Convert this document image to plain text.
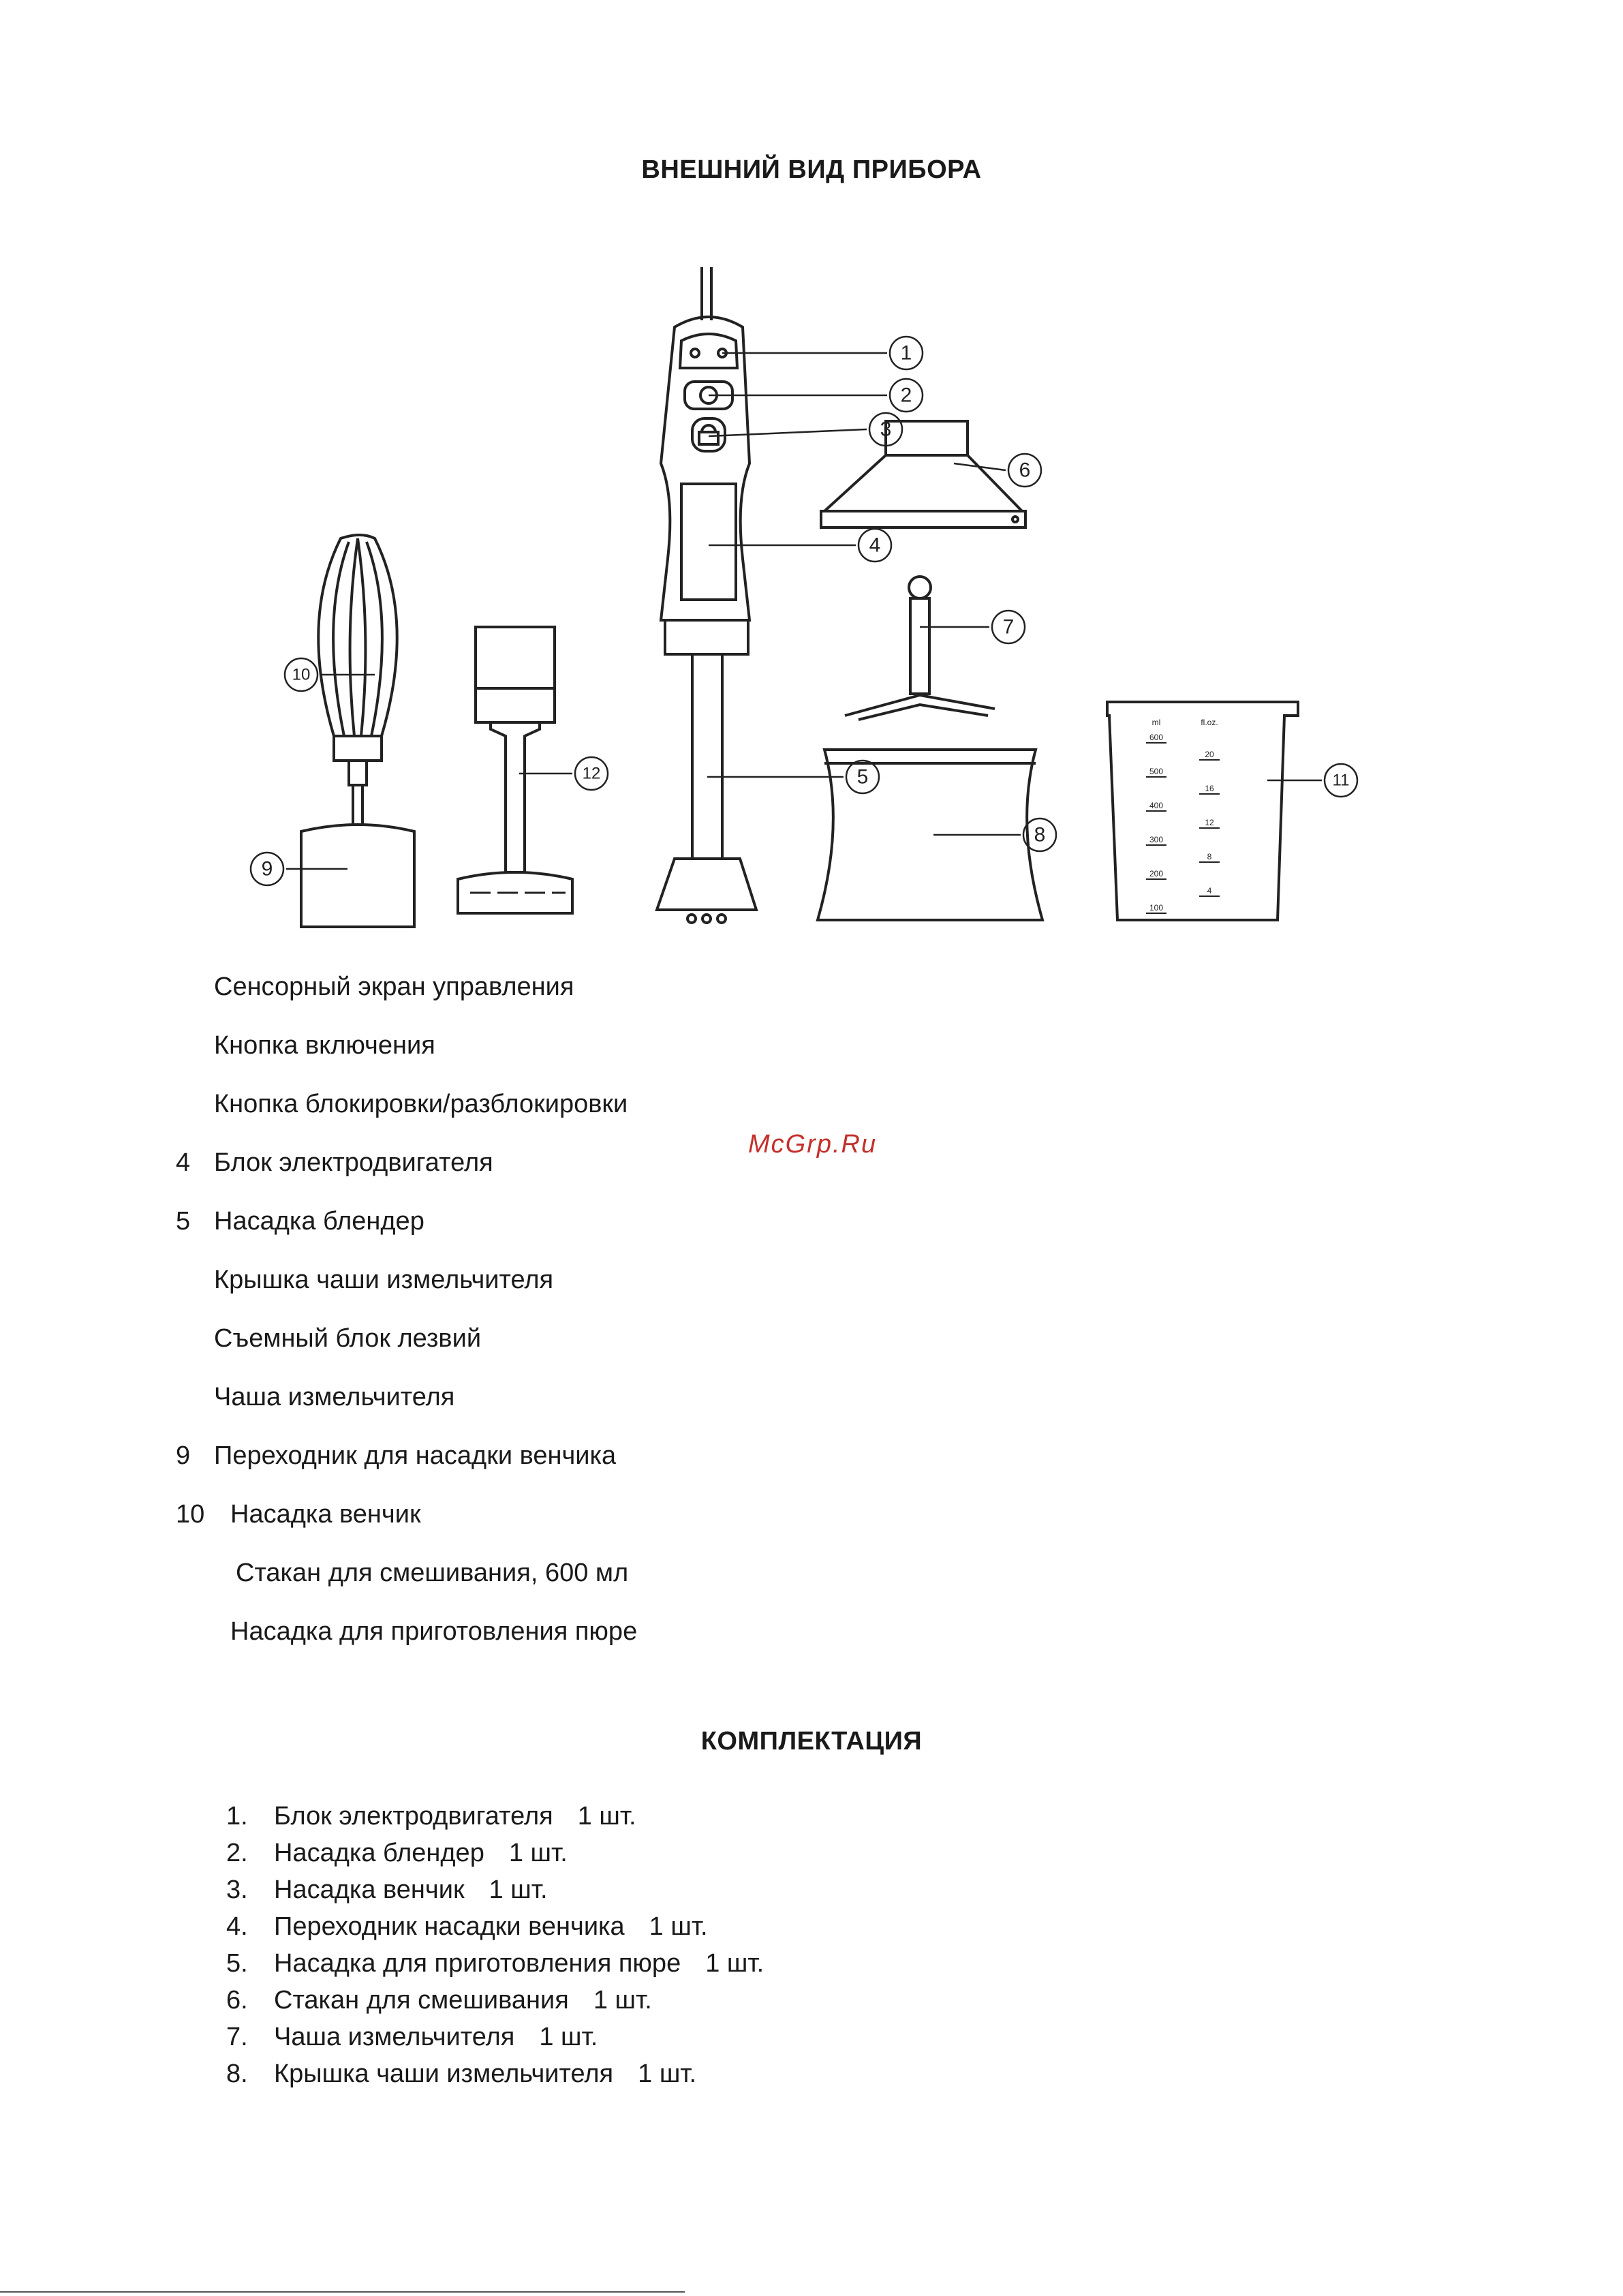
ВНЕШНИЙ ВИД ПРИБОРА
1
2
3
4
5
6
7
8
9
10
11
12
ml	fl.oz.
600
500
400
300
200
100
20
16
12
8
4
McGrp.Ru
Сенсорный экран управления
Кнопка включения
Кнопка блокировки/разблокировки
4 Блок электродвигателя
5 Насадка блендер
Крышка чаши измельчителя
Съемный блок лезвий
Чаша измельчителя
9 Переходник для насадки венчика
10 Насадка венчик
Стакан для смешивания, 600 мл
Насадка для приготовления пюре
КОМПЛЕКТАЦИЯ
1. Блок электродвигателя 1 шт.
2. Насадка блендер 1 шт.
3. Насадка венчик 1 шт.
4. Переходник насадки венчика 1 шт.
5. Насадка для приготовления пюре 1 шт.
6. Стакан для смешивания 1 шт.
7. Чаша измельчителя 1 шт.
8. Крышка чаши измельчителя 1 шт.
